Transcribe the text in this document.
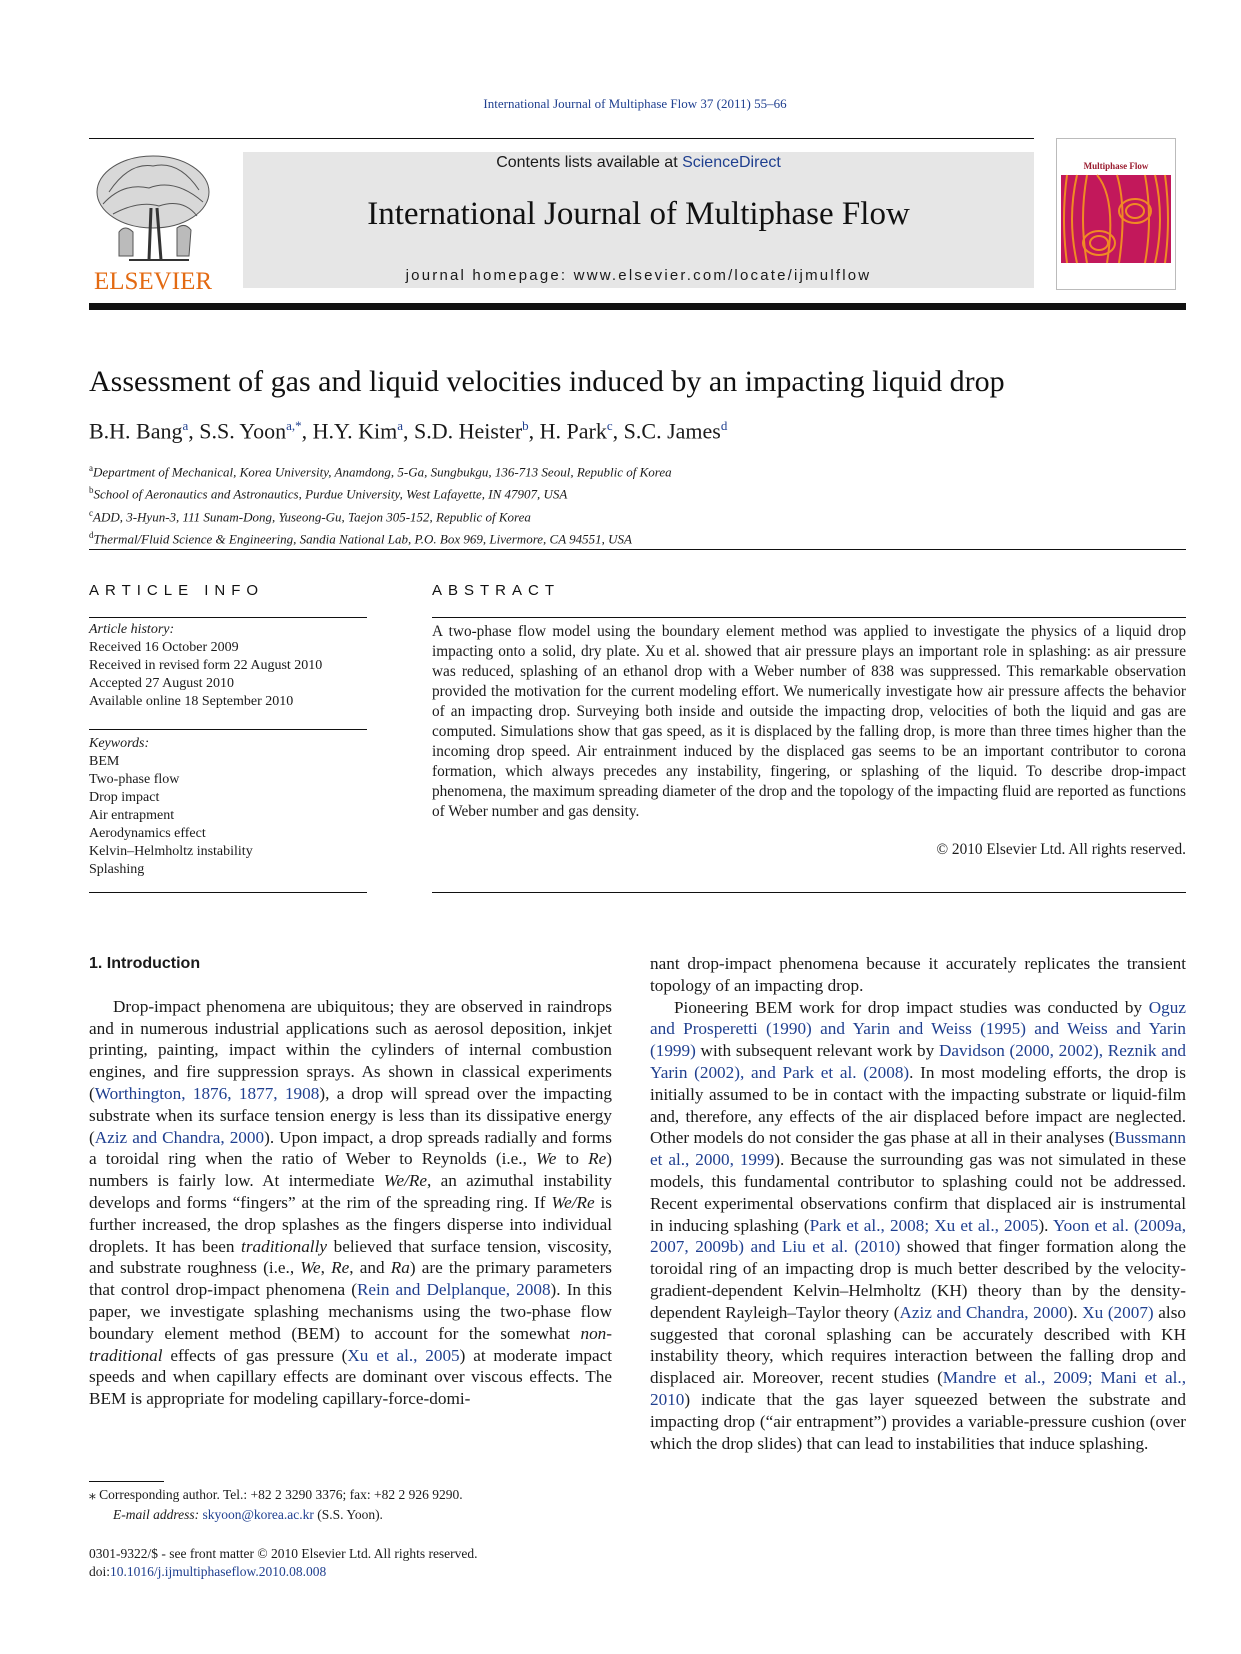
International Journal of Multiphase Flow 37 (2011) 55–66
ELSEVIER
Contents lists available at ScienceDirect
International Journal of Multiphase Flow
journal homepage: www.elsevier.com/locate/ijmulflow
Multiphase Flow
Assessment of gas and liquid velocities induced by an impacting liquid drop
B.H. Bang$^a$, S.S. Yoon$^{a,*}$, H.Y. Kim$^a$, S.D. Heister$^b$, H. Park$^c$, S.C. James$^d$
$^a$Department of Mechanical, Korea University, Anamdong, 5-Ga, Sungbukgu, 136-713 Seoul, Republic of Korea
$^b$School of Aeronautics and Astronautics, Purdue University, West Lafayette, IN 47907, USA
$^c$ADD, 3-Hyun-3, 111 Sunam-Dong, Yuseong-Gu, Taejon 305-152, Republic of Korea
$^d$Thermal/Fluid Science & Engineering, Sandia National Lab, P.O. Box 969, Livermore, CA 94551, USA
ARTICLE INFO	ABSTRACT
Article history:
Received 16 October 2009
Received in revised form 22 August 2010
Accepted 27 August 2010
Available online 18 September 2010
Keywords:
BEM
Two-phase flow
Drop impact
Air entrapment
Aerodynamics effect
Kelvin–Helmholtz instability
Splashing
A two-phase flow model using the boundary element method was applied to investigate the physics of a liquid drop impacting onto a solid, dry plate. Xu et al. showed that air pressure plays an important role in splashing: as air pressure was reduced, splashing of an ethanol drop with a Weber number of 838 was suppressed. This remarkable observation provided the motivation for the current modeling effort. We numerically investigate how air pressure affects the behavior of an impacting drop. Surveying both inside and outside the impacting drop, velocities of both the liquid and gas are computed. Simulations show that gas speed, as it is displaced by the falling drop, is more than three times higher than the incoming drop speed. Air entrainment induced by the displaced gas seems to be an important contributor to corona formation, which always precedes any instability, fingering, or splashing of the liquid. To describe drop-impact phenomena, the maximum spreading diameter of the drop and the topology of the impacting fluid are reported as functions of Weber number and gas density.
© 2010 Elsevier Ltd. All rights reserved.

1. Introduction

Drop-impact phenomena are ubiquitous; they are observed in raindrops and in numerous industrial applications such as aerosol deposition, inkjet printing, painting, impact within the cylinders of internal combustion engines, and fire suppression sprays. As shown in classical experiments (Worthington, 1876, 1877, 1908), a drop will spread over the impacting substrate when its surface tension energy is less than its dissipative energy (Aziz and Chandra, 2000). Upon impact, a drop spreads radially and forms a toroidal ring when the ratio of Weber to Reynolds (i.e., We to Re) numbers is fairly low. At intermediate We/Re, an azimuthal instability develops and forms “fingers” at the rim of the spreading ring. If We/Re is further increased, the drop splashes as the fingers disperse into individual droplets. It has been traditionally believed that surface tension, viscosity, and substrate roughness (i.e., We, Re, and Ra) are the primary parameters that control drop-impact phenomena (Rein and Delplanque, 2008). In this paper, we investigate splashing mechanisms using the two-phase flow boundary element method (BEM) to account for the somewhat non-traditional effects of gas pressure (Xu et al., 2005) at moderate impact speeds and when capillary effects are dominant over viscous effects. The BEM is appropriate for modeling capillary-force-domi-

nant drop-impact phenomena because it accurately replicates the transient topology of an impacting drop.

Pioneering BEM work for drop impact studies was conducted by Oguz and Prosperetti (1990) and Yarin and Weiss (1995) and Weiss and Yarin (1999) with subsequent relevant work by Davidson (2000, 2002), Reznik and Yarin (2002), and Park et al. (2008). In most modeling efforts, the drop is initially assumed to be in contact with the impacting substrate or liquid-film and, therefore, any effects of the air displaced before impact are neglected. Other models do not consider the gas phase at all in their analyses (Bussmann et al., 2000, 1999). Because the surrounding gas was not simulated in these models, this fundamental contributor to splashing could not be addressed. Recent experimental observations confirm that displaced air is instrumental in inducing splashing (Park et al., 2008; Xu et al., 2005). Yoon et al. (2009a, 2007, 2009b) and Liu et al. (2010) showed that finger formation along the toroidal ring of an impacting drop is much better described by the velocity-gradient-dependent Kelvin–Helmholtz (KH) theory than by the density-dependent Rayleigh–Taylor theory (Aziz and Chandra, 2000). Xu (2007) also suggested that coronal splashing can be accurately described with KH instability theory, which requires interaction between the falling drop and displaced air. Moreover, recent studies (Mandre et al., 2009; Mani et al., 2010) indicate that the gas layer squeezed between the substrate and impacting drop (“air entrapment”) provides a variable-pressure cushion (over which the drop slides) that can lead to instabilities that induce splashing.

⁎ Corresponding author. Tel.: +82 2 3290 3376; fax: +82 2 926 9290.
E-mail address: skyoon@korea.ac.kr (S.S. Yoon).
0301-9322/$ - see front matter © 2010 Elsevier Ltd. All rights reserved.
doi:10.1016/j.ijmultiphaseflow.2010.08.008
